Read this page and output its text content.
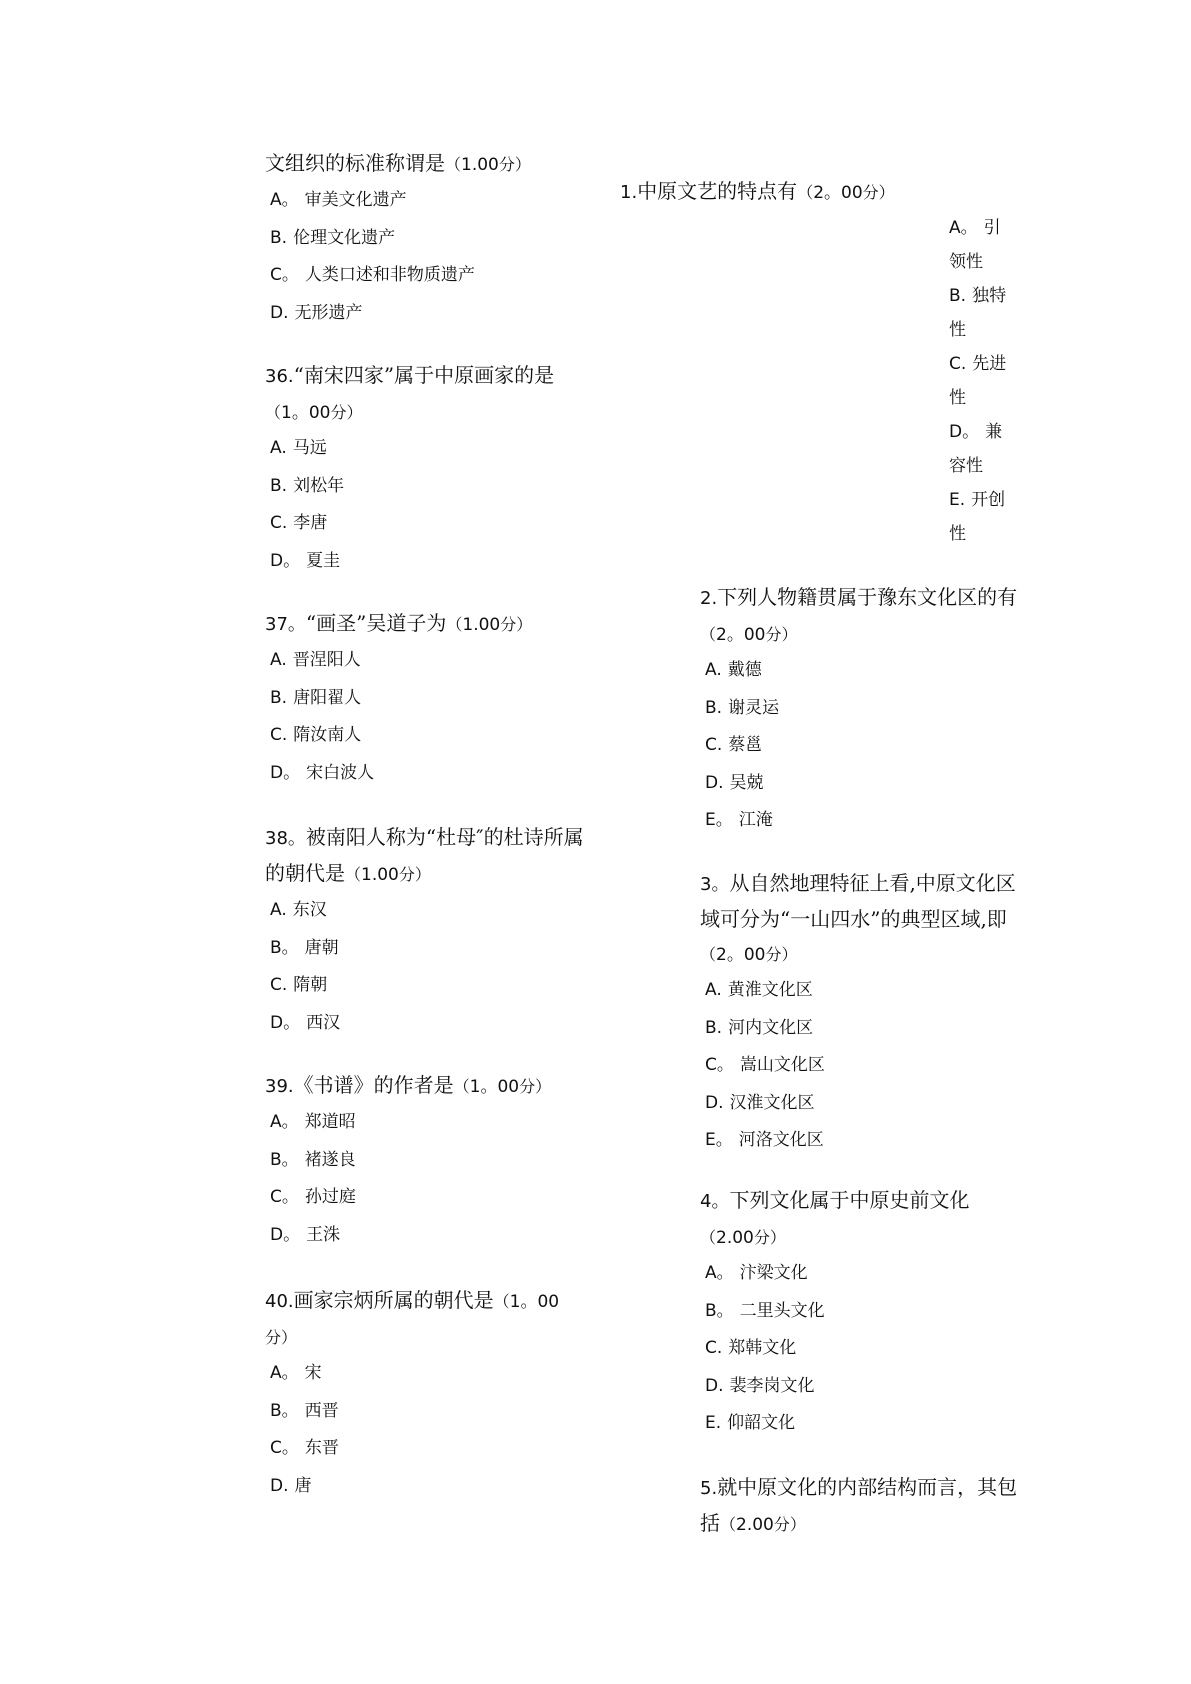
文组织的标准称谓是（1.00分）
A。 审美文化遗产
B. 伦理文化遗产
C。 人类口述和非物质遗产
D. 无形遗产
36.“南宋四家”属于中原画家的是（1。00分）
A. 马远
B. 刘松年
C. 李唐
D。 夏圭
37。“画圣”吴道子为（1.00分）
A. 晋涅阳人
B. 唐阳翟人
C. 隋汝南人
D。 宋白波人
38。被南阳人称为“杜母″的杜诗所属的朝代是（1.00分）
A. 东汉
B。 唐朝
C. 隋朝
D。 西汉
39.《书谱》的作者是（1。00分）
A。 郑道昭
B。 褚遂良
C。 孙过庭
D。 王洙
40.画家宗炳所属的朝代是（1。00分）
A。 宋
B。 西晋
C。 东晋
D. 唐
1.中原文艺的特点有（2。00分）
A。 引领性
B. 独特性
C. 先进性
D。 兼容性
E. 开创性
2.下列人物籍贯属于豫东文化区的有（2。00分）
A. 戴德
B. 谢灵运
C. 蔡邕
D. 吴兢
E。 江淹
3。从自然地理特征上看,中原文化区域可分为“一山四水”的典型区域,即（2。00分）
A. 黄淮文化区
B. 河内文化区
C。 嵩山文化区
D. 汉淮文化区
E。 河洛文化区
4。下列文化属于中原史前文化（2.00分）
A。 汴梁文化
B。 二里头文化
C. 郑韩文化
D. 裴李岗文化
E. 仰韶文化
5.就中原文化的内部结构而言，其包括（2.00分）
